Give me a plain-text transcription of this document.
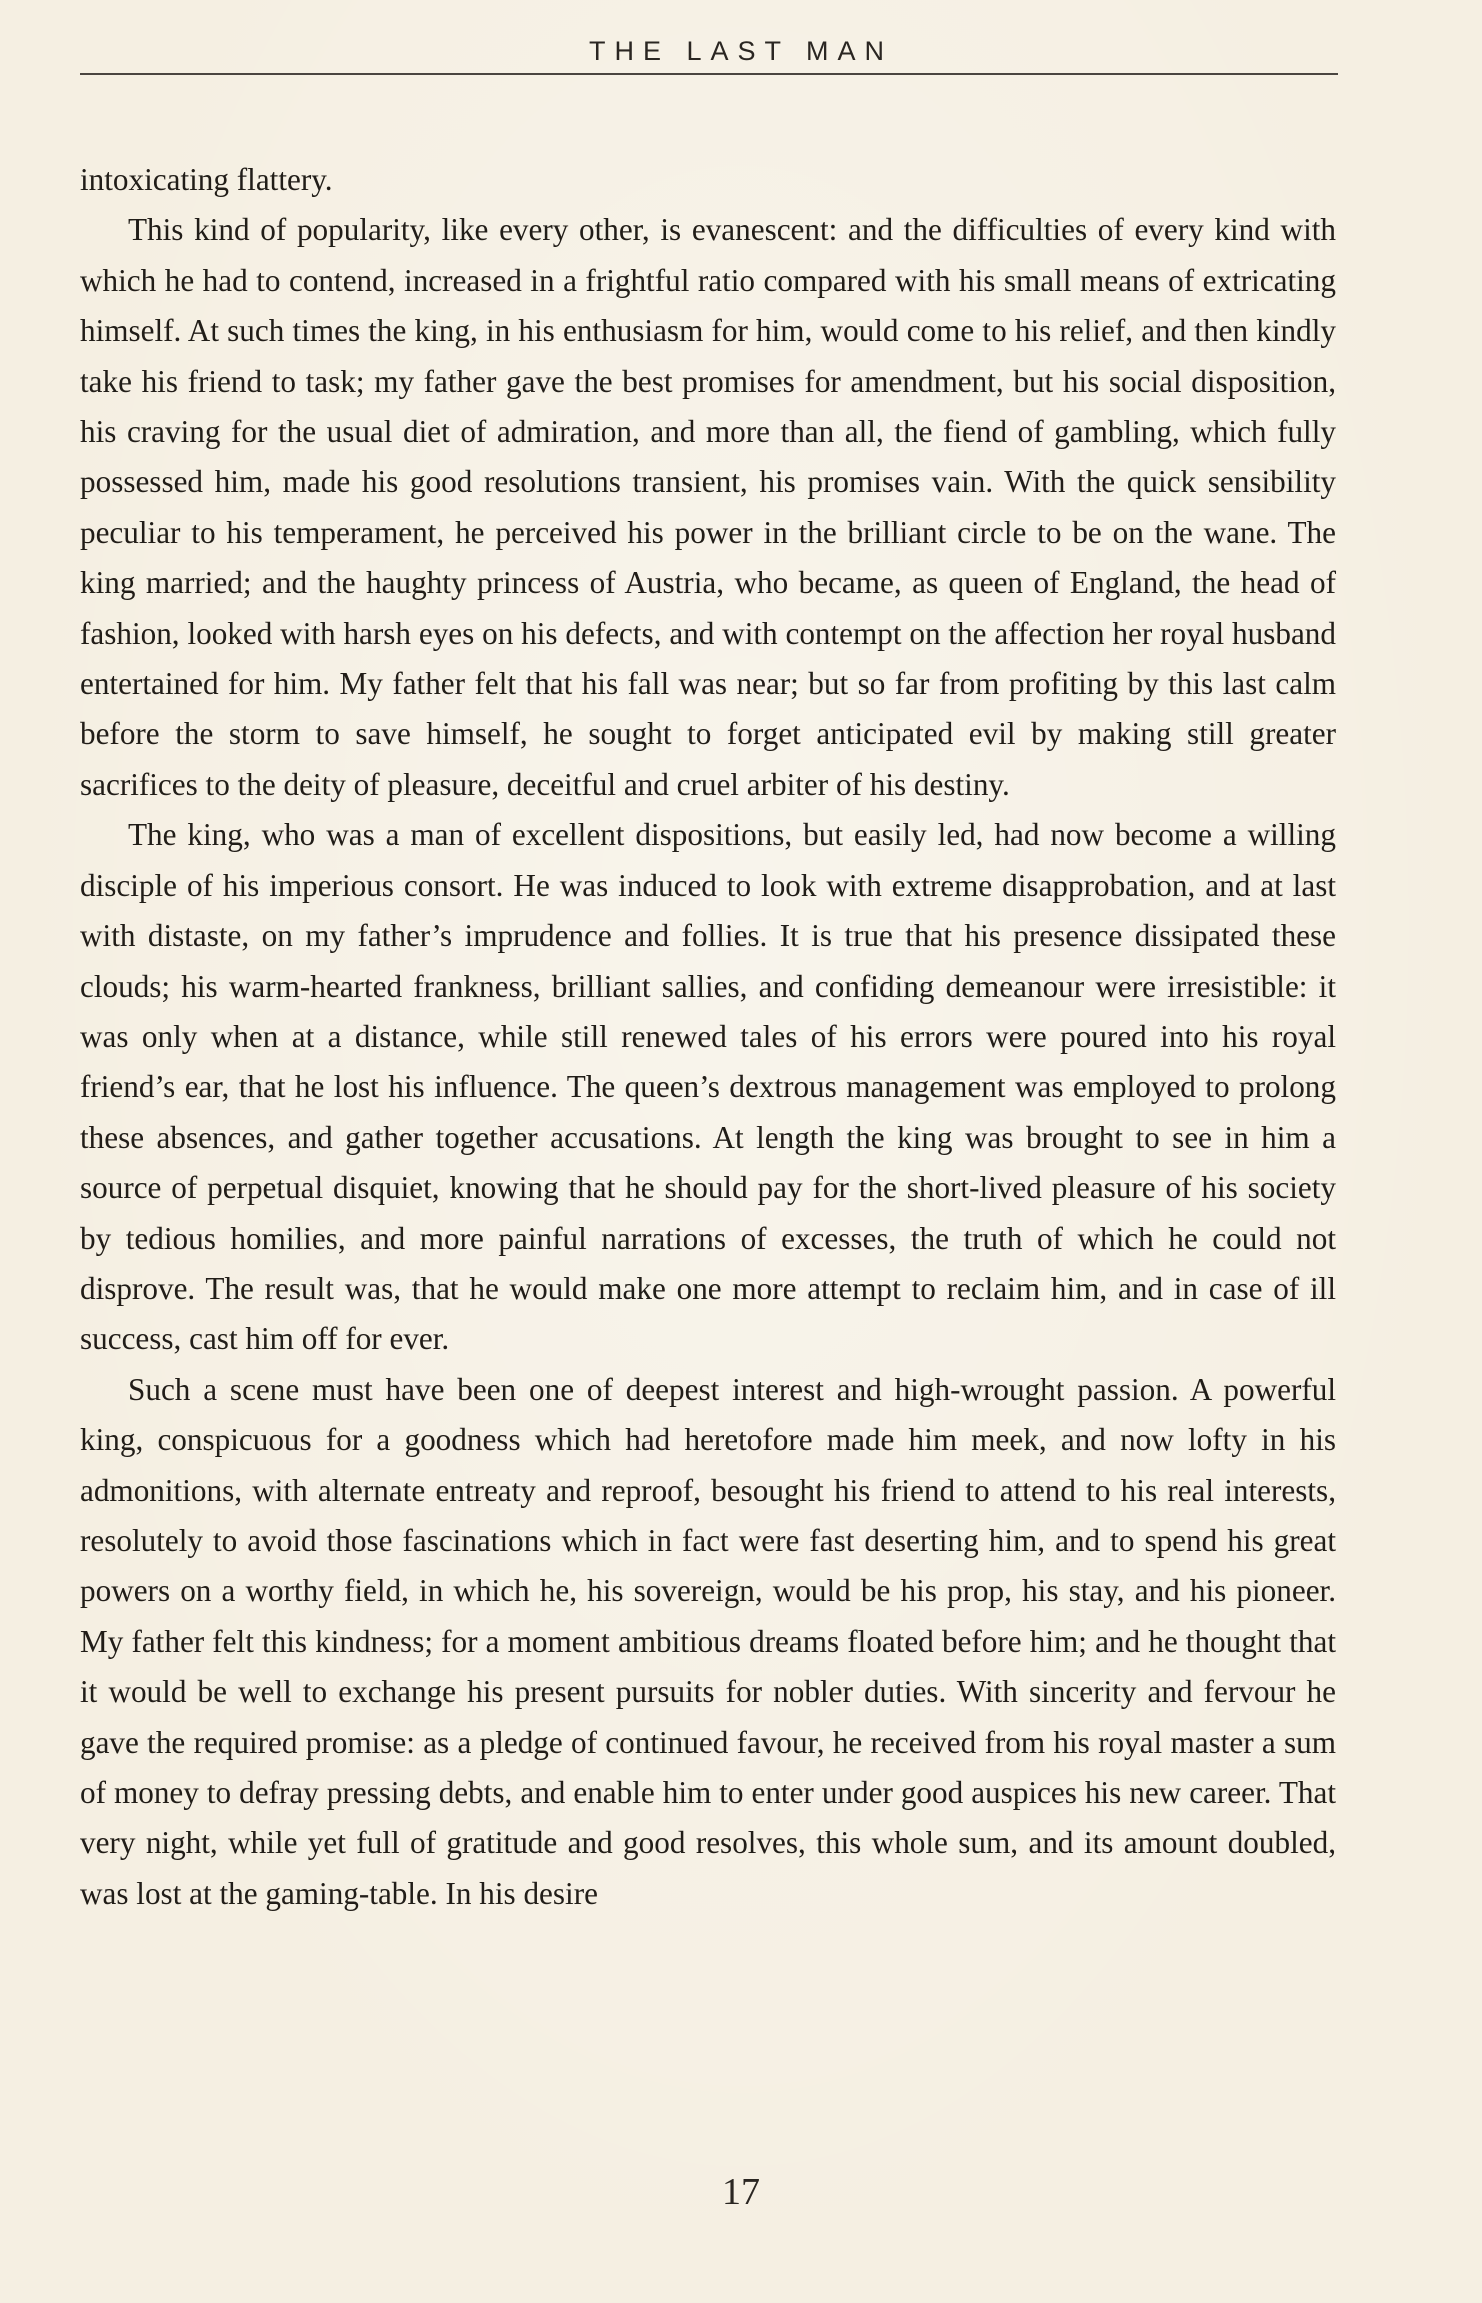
THE LAST MAN

intoxicating flattery.

This kind of popularity, like every other, is evanescent: and the difficulties of every kind with which he had to contend, increased in a frightful ratio compared with his small means of extricating himself. At such times the king, in his enthusiasm for him, would come to his relief, and then kindly take his friend to task; my father gave the best promises for amendment, but his social disposition, his craving for the usual diet of admiration, and more than all, the fiend of gambling, which fully possessed him, made his good resolutions transient, his promises vain. With the quick sensibility peculiar to his temperament, he perceived his power in the brilliant circle to be on the wane. The king married; and the haughty princess of Austria, who became, as queen of England, the head of fashion, looked with harsh eyes on his defects, and with contempt on the affection her royal husband entertained for him. My father felt that his fall was near; but so far from profiting by this last calm before the storm to save himself, he sought to forget anticipated evil by making still greater sacrifices to the deity of pleasure, deceitful and cruel arbiter of his destiny.

The king, who was a man of excellent dispositions, but easily led, had now become a willing disciple of his imperious consort. He was induced to look with extreme disapprobation, and at last with distaste, on my father’s imprudence and follies. It is true that his presence dissipated these clouds; his warm-hearted frankness, brilliant sallies, and confiding demeanour were irresistible: it was only when at a distance, while still renewed tales of his errors were poured into his royal friend’s ear, that he lost his influence. The queen’s dextrous management was employed to prolong these absences, and gather together accusations. At length the king was brought to see in him a source of perpetual disquiet, knowing that he should pay for the short-lived pleasure of his society by tedious homilies, and more painful narrations of excesses, the truth of which he could not disprove. The result was, that he would make one more attempt to reclaim him, and in case of ill success, cast him off for ever.

Such a scene must have been one of deepest interest and high-wrought passion. A powerful king, conspicuous for a goodness which had heretofore made him meek, and now lofty in his admonitions, with alternate entreaty and reproof, besought his friend to attend to his real interests, resolutely to avoid those fascinations which in fact were fast deserting him, and to spend his great powers on a worthy field, in which he, his sovereign, would be his prop, his stay, and his pioneer. My father felt this kindness; for a moment ambitious dreams floated before him; and he thought that it would be well to exchange his present pursuits for nobler duties. With sincerity and fervour he gave the required promise: as a pledge of continued favour, he received from his royal master a sum of money to defray pressing debts, and enable him to enter under good auspices his new career. That very night, while yet full of gratitude and good resolves, this whole sum, and its amount doubled, was lost at the gaming-table. In his desire

17
